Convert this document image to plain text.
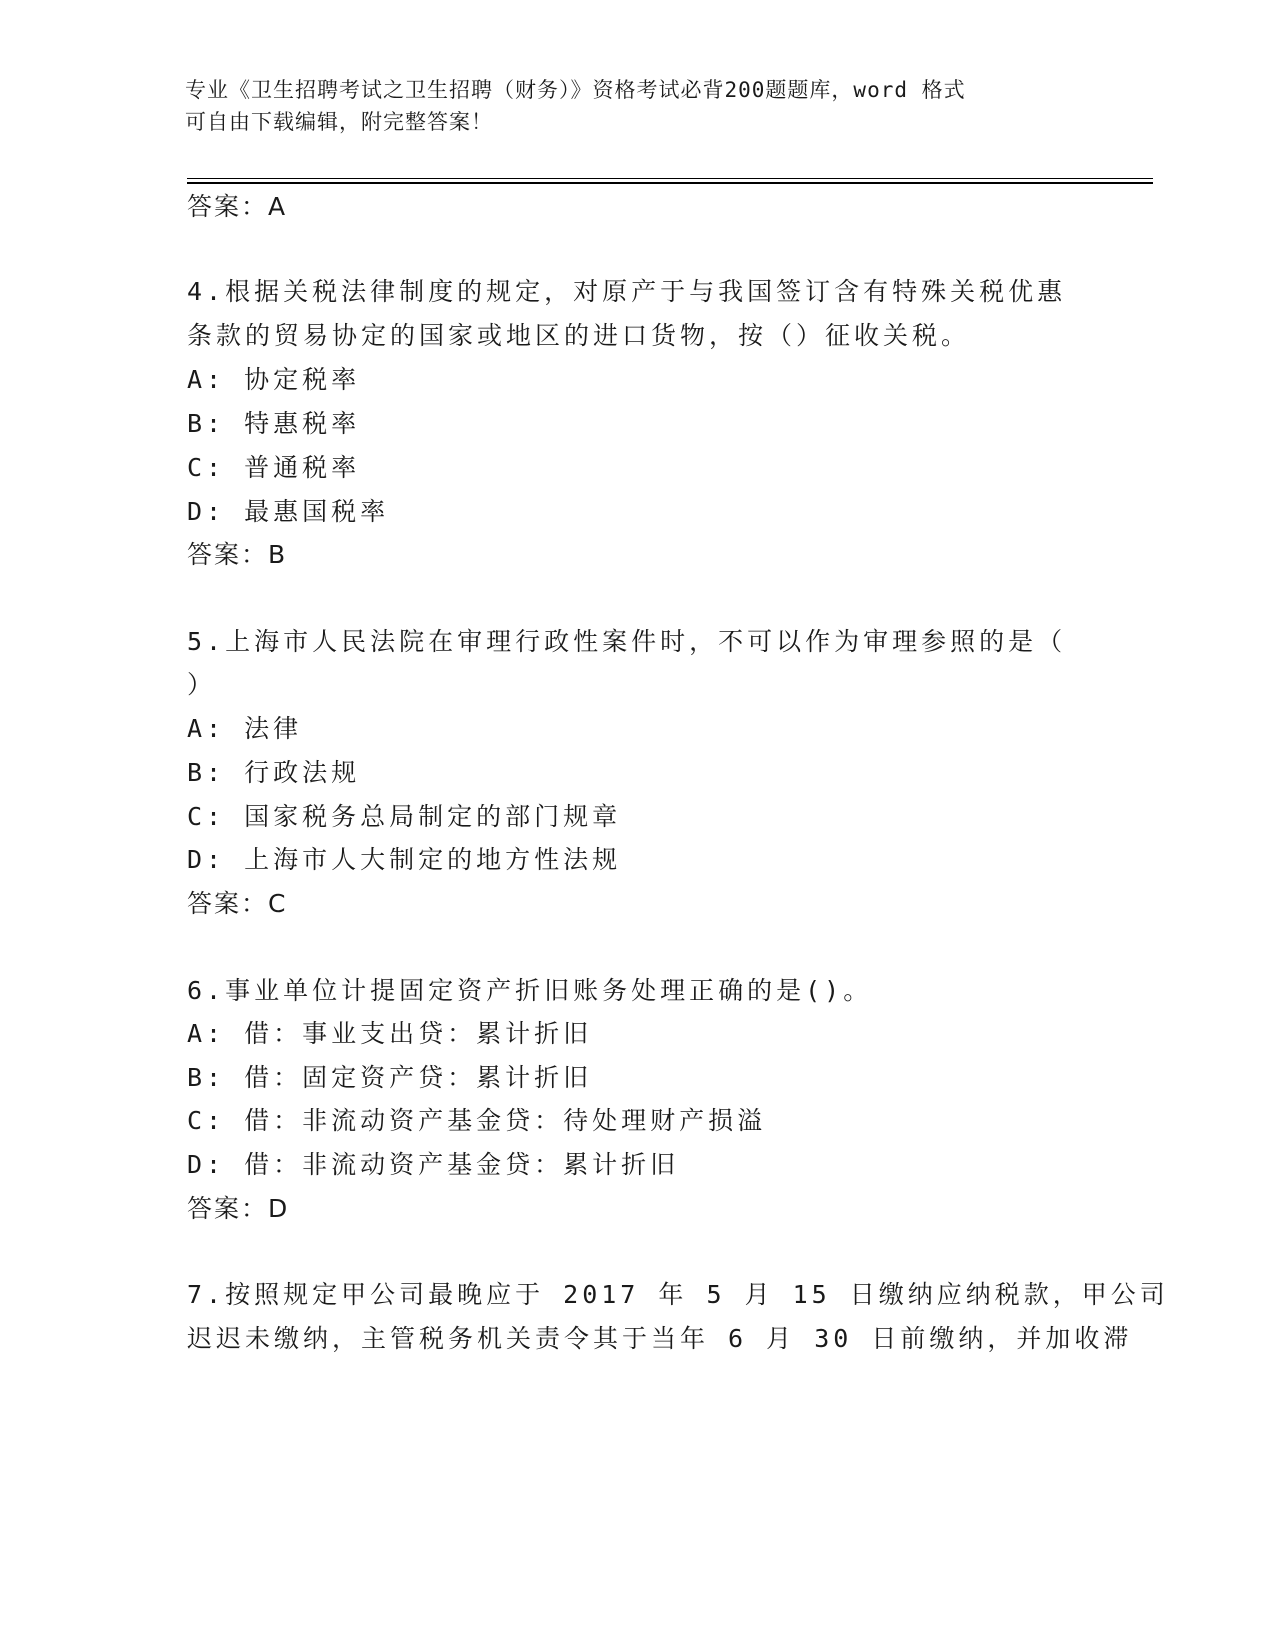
专业《卫生招聘考试之卫生招聘（财务）》资格考试必背200题题库，word 格式
可自由下载编辑，附完整答案！
答案：A
4.根据关税法律制度的规定，对原产于与我国签订含有特殊关税优惠
条款的贸易协定的国家或地区的进口货物，按（）征收关税。
A: 协定税率
B: 特惠税率
C: 普通税率
D: 最惠国税率
答案：B
5.上海市人民法院在审理行政性案件时，不可以作为审理参照的是（
）
A: 法律
B: 行政法规
C: 国家税务总局制定的部门规章
D: 上海市人大制定的地方性法规
答案：C
6.事业单位计提固定资产折旧账务处理正确的是()。
A: 借：事业支出贷：累计折旧
B: 借：固定资产贷：累计折旧
C: 借：非流动资产基金贷：待处理财产损溢
D: 借：非流动资产基金贷：累计折旧
答案：D
7.按照规定甲公司最晚应于 2017 年 5 月 15 日缴纳应纳税款，甲公司
迟迟未缴纳，主管税务机关责令其于当年 6 月 30 日前缴纳，并加收滞
